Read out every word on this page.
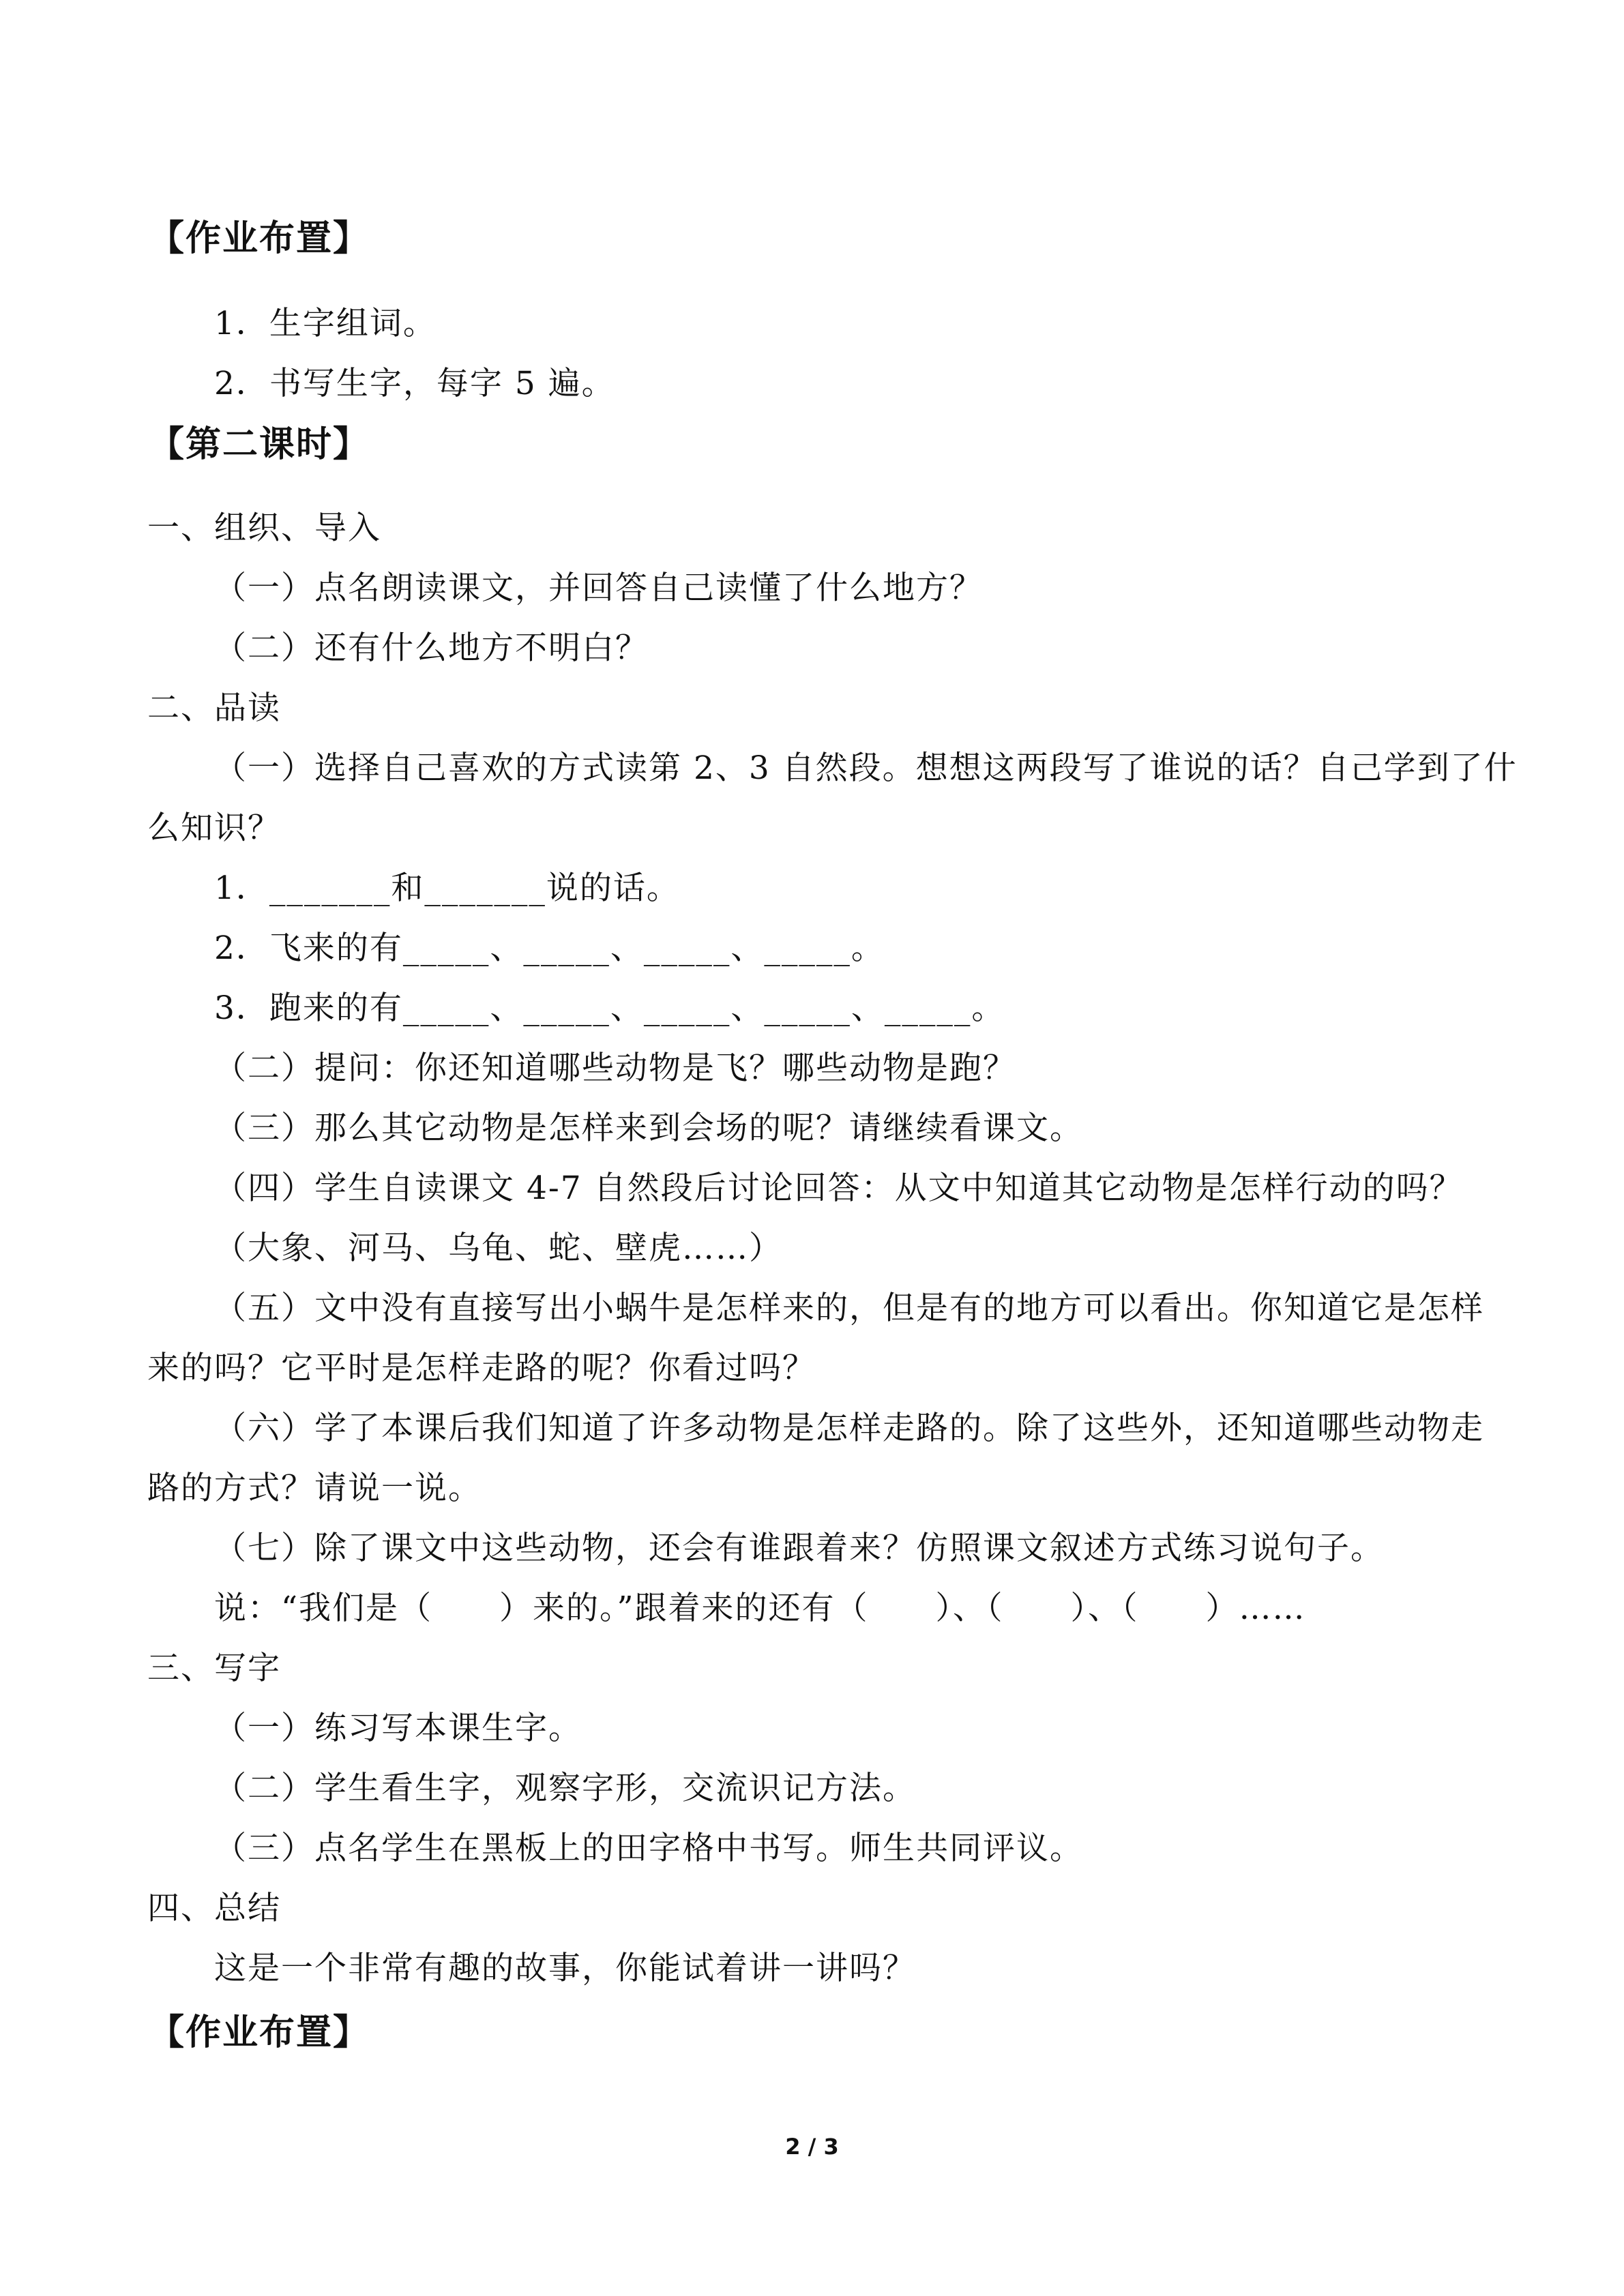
【作业布置】
1．生字组词。
2．书写生字，每字 5 遍。
【第二课时】
一、组织、导入
（一）点名朗读课文，并回答自己读懂了什么地方？
（二）还有什么地方不明白？
二、品读
（一）选择自己喜欢的方式读第 2、3 自然段。想想这两段写了谁说的话？自己学到了什
么知识？
1．_______和_______说的话。
2．飞来的有_____、_____、_____、_____。
3．跑来的有_____、_____、_____、_____、_____。
（二）提问：你还知道哪些动物是飞？哪些动物是跑？
（三）那么其它动物是怎样来到会场的呢？请继续看课文。
（四）学生自读课文 4-7 自然段后讨论回答：从文中知道其它动物是怎样行动的吗？
（大象、河马、乌龟、蛇、壁虎……）
（五）文中没有直接写出小蜗牛是怎样来的，但是有的地方可以看出。你知道它是怎样
来的吗？它平时是怎样走路的呢？你看过吗？
（六）学了本课后我们知道了许多动物是怎样走路的。除了这些外，还知道哪些动物走
路的方式？请说一说。
（七）除了课文中这些动物，还会有谁跟着来？仿照课文叙述方式练习说句子。
说：“我们是（　　）来的。”跟着来的还有（　　）、（　　）、（　　）……
三、写字
（一）练习写本课生字。
（二）学生看生字，观察字形，交流识记方法。
（三）点名学生在黑板上的田字格中书写。师生共同评议。
四、总结
这是一个非常有趣的故事，你能试着讲一讲吗？
【作业布置】
2 / 3
